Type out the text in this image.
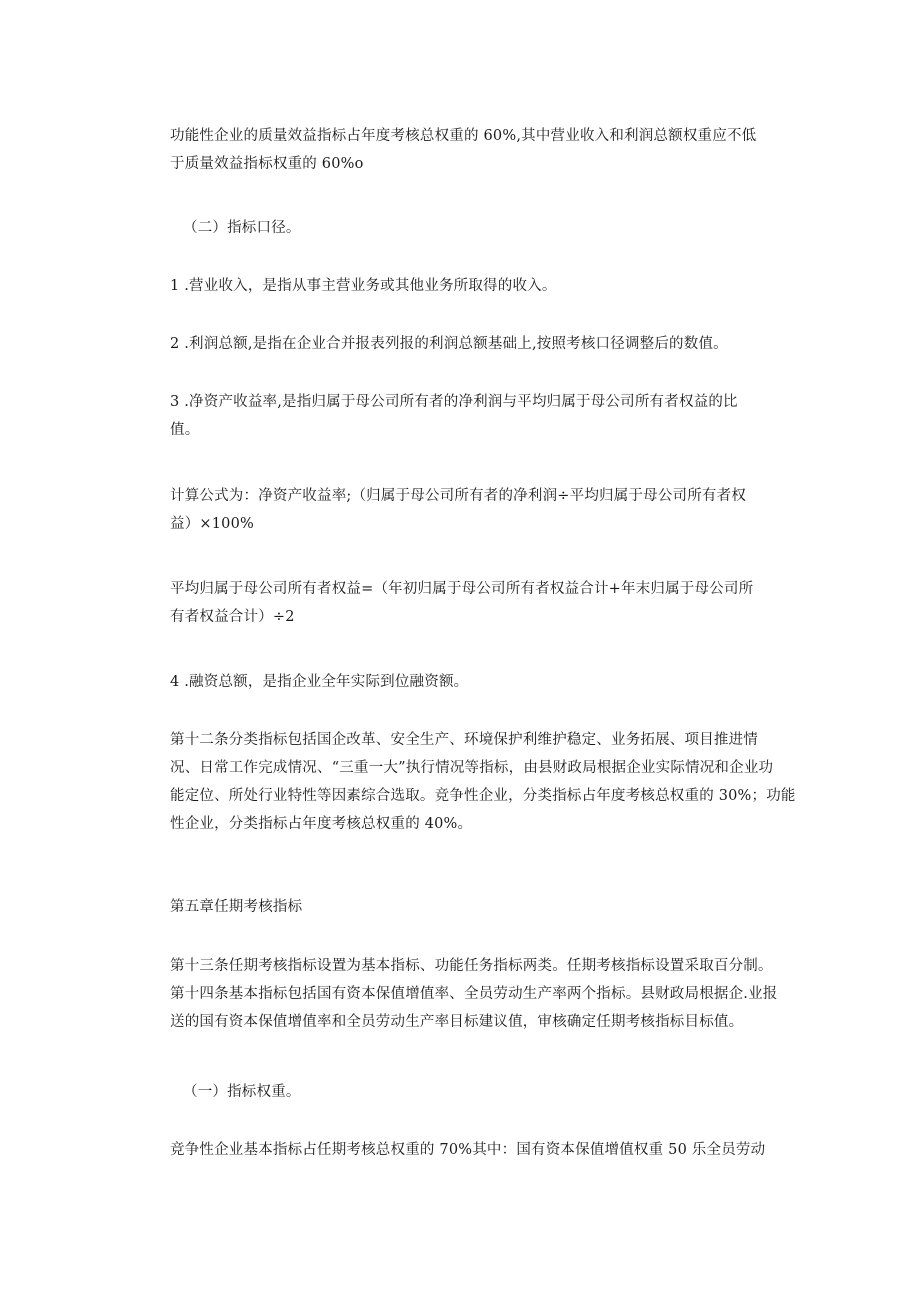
功能性企业的质量效益指标占年度考核总权重的 60%,其中营业收入和利润总额权重应不低
于质量效益指标权重的 60%o

（二）指标口径。

1 .营业收入，是指从事主营业务或其他业务所取得的收入。

2 .利润总额,是指在企业合并报表列报的利润总额基础上,按照考核口径调整后的数值。

3 .净资产收益率,是指归属于母公司所有者的净利润与平均归属于母公司所有者权益的比
值。

计算公式为：净资产收益率;（归属于母公司所有者的净利润÷平均归属于母公司所有者权
益）×100%

平均归属于母公司所有者权益=（年初归属于母公司所有者权益合计+年末归属于母公司所
有者权益合计）÷2

4 .融资总额，是指企业全年实际到位融资额。

第十二条分类指标包括国企改革、安全生产、环境保护利维护稳定、业务拓展、项目推进情
况、日常工作完成情况、“三重一大”执行情况等指标，由县财政局根据企业实际情况和企业功
能定位、所处行业特性等因素综合选取。竞争性企业，分类指标占年度考核总权重的 30%；功能
性企业，分类指标占年度考核总权重的 40%。

第五章任期考核指标

第十三条任期考核指标设置为基本指标、功能任务指标两类。任期考核指标设置采取百分制。
第十四条基本指标包括国有资本保值增值率、全员劳动生产率两个指标。县财政局根据企.业报
送的国有资本保值增值率和全员劳动生产率目标建议值，审核确定任期考核指标目标值。

（一）指标权重。

竞争性企业基本指标占任期考核总权重的 70%其中：国有资本保值增值权重 50 乐全员劳动
